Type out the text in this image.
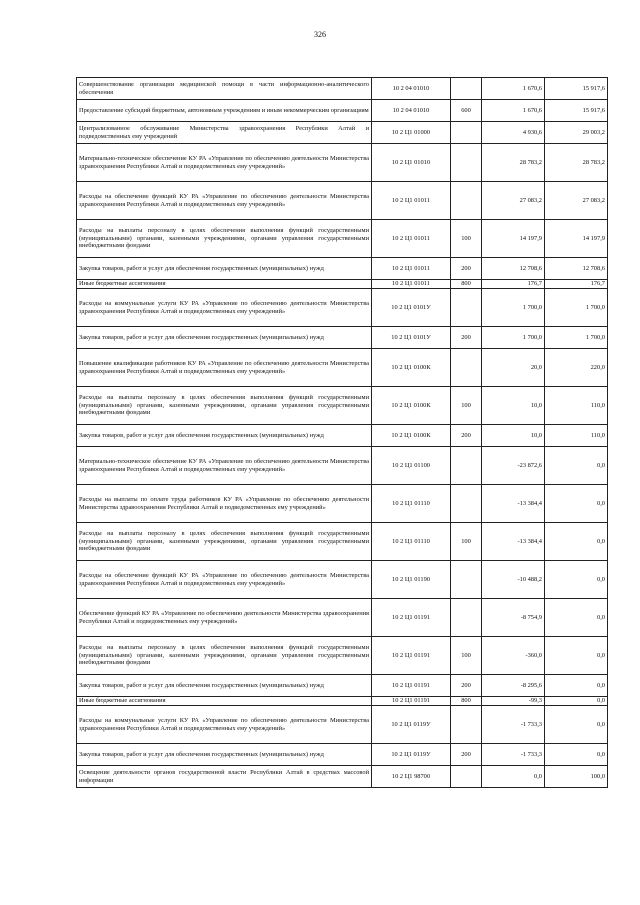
326
Совершенствование организации медицинской помощи в части информационно-аналитического обеспечения	10 2 04 01010		1 670,6	15 917,6
Предоставление субсидий бюджетным, автономным учреждениям и иным некоммерческим организациям	10 2 04 01010	600	1 670,6	15 917,6
Централизованное обслуживание Министерства здравоохранения Республики Алтай и подведомственных ему учреждений	10 2 Ц1 01000		4 930,6	29 003,2
Материально-техническое обеспечение КУ РА «Управление по обеспечению деятельности Министерства здравоохранения Республики Алтай и подведомственных ему учреждений»	10 2 Ц1 01010		28 783,2	28 783,2
Расходы на обеспечение функций КУ РА «Управление по обеспечению деятельности Министерства здравоохранения Республики Алтай и подведомственных ему учреждений»	10 2 Ц1 01011		27 083,2	27 083,2
Расходы на выплаты персоналу в целях обеспечения выполнения функций государственными (муниципальными) органами, казенными учреждениями, органами управления государственными внебюджетными фондами	10 2 Ц1 01011	100	14 197,9	14 197,9
Закупка товаров, работ и услуг для обеспечения государственных (муниципальных) нужд	10 2 Ц1 01011	200	12 708,6	12 708,6
Иные бюджетные ассигнования	10 2 Ц1 01011	800	176,7	176,7
Расходы на коммунальные услуги КУ РА «Управление по обеспечению деятельности Министерства здравоохранения Республики Алтай и подведомственных ему учреждений»	10 2 Ц1 0101У		1 700,0	1 700,0
Закупка товаров, работ и услуг для обеспечения государственных (муниципальных) нужд	10 2 Ц1 0101У	200	1 700,0	1 700,0
Повышение квалификации работников КУ РА «Управление по обеспечению деятельности Министерства здравоохранения Республики Алтай и подведомственных ему учреждений»	10 2 Ц1 0100К		20,0	220,0
Расходы на выплаты персоналу в целях обеспечения выполнения функций государственными (муниципальными) органами, казенными учреждениями, органами управления государственными внебюджетными фондами	10 2 Ц1 0100К	100	10,0	110,0
Закупка товаров, работ и услуг для обеспечения государственных (муниципальных) нужд	10 2 Ц1 0100К	200	10,0	110,0
Материально-техническое обеспечение КУ РА «Управление по обеспечению деятельности Министерства здравоохранения Республики Алтай и подведомственных ему учреждений»	10 2 Ц1 01100		-23 872,6	0,0
Расходы на выплаты по оплате труда работников КУ РА «Управление по обеспечению деятельности Министерства здравоохранения Республики Алтай и подведомственных ему учреждений»	10 2 Ц1 01110		-13 384,4	0,0
Расходы на выплаты персоналу в целях обеспечения выполнения функций государственными (муниципальными) органами, казенными учреждениями, органами управления государственными внебюджетными фондами	10 2 Ц1 01110	100	-13 384,4	0,0
Расходы на обеспечение функций КУ РА «Управление по обеспечению деятельности Министерства здравоохранения Республики Алтай и подведомственных ему учреждений»	10 2 Ц1 01190		-10 488,2	0,0
Обеспечение функций КУ РА «Управление по обеспечению деятельности Министерства здравоохранения Республики Алтай и подведомственных ему учреждений»	10 2 Ц1 01191		-8 754,9	0,0
Расходы на выплаты персоналу в целях обеспечения выполнения функций государственными (муниципальными) органами, казенными учреждениями, органами управления государственными внебюджетными фондами	10 2 Ц1 01191	100	-360,0	0,0
Закупка товаров, работ и услуг для обеспечения государственных (муниципальных) нужд	10 2 Ц1 01191	200	-8 295,6	0,0
Иные бюджетные ассигнования	10 2 Ц1 01191	800	-99,3	0,0
Расходы на коммунальные услуги КУ РА «Управление по обеспечению деятельности Министерства здравоохранения Республики Алтай и подведомственных ему учреждений»	10 2 Ц1 0119У		-1 733,3	0,0
Закупка товаров, работ и услуг для обеспечения государственных (муниципальных) нужд	10 2 Ц1 0119У	200	-1 733,3	0,0
Освещение деятельности органов государственной власти Республики Алтай в средствах массовой информации	10 2 Ц1 98700		0,0	100,0
